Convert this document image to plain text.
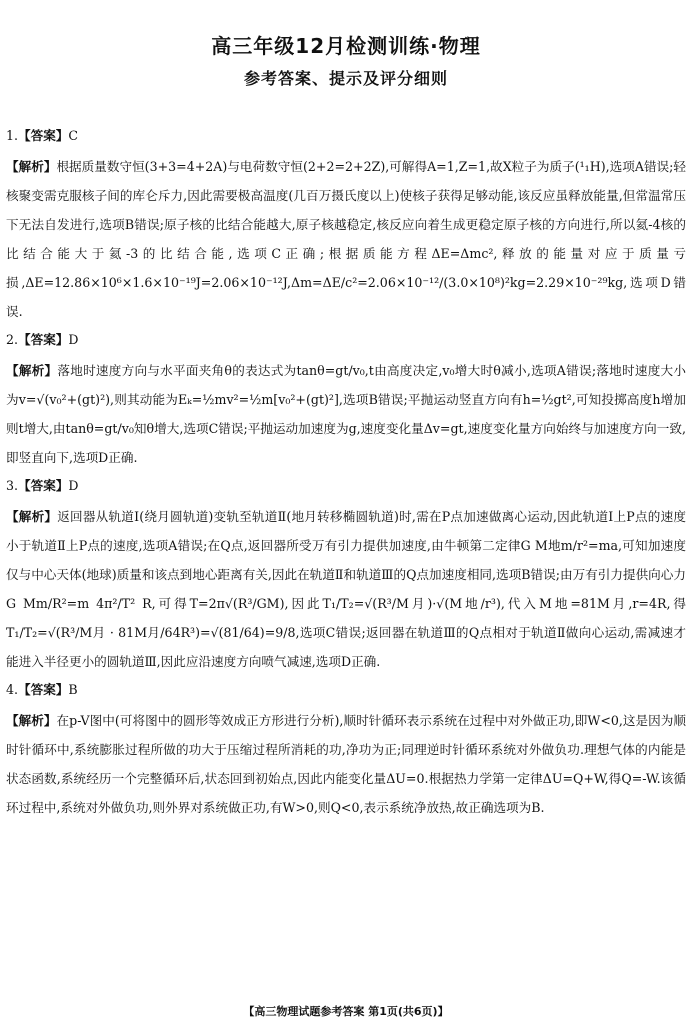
高三年级12月检测训练·物理
参考答案、提示及评分细则
1.【答案】C
【解析】根据质量数守恒(3+3=4+2A)与电荷数守恒(2+2=2+2Z),可解得A=1,Z=1,故X粒子为质子(¹₁H),选项A错误;轻核聚变需克服核子间的库仑斥力,因此需要极高温度(几百万摄氏度以上)使核子获得足够动能,该反应虽释放能量,但常温常压下无法自发进行,选项B错误;原子核的比结合能越大,原子核越稳定,核反应向着生成更稳定原子核的方向进行,所以氦-4核的比结合能大于氦-3的比结合能,选项C正确;根据质能方程ΔE=Δmc²,释放的能量对应于质量亏损,ΔE=12.86×10⁶×1.6×10⁻¹⁹J=2.06×10⁻¹²J,Δm=ΔE/c²=2.06×10⁻¹²/(3.0×10⁸)²kg=2.29×10⁻²⁹kg,选项D错误.
2.【答案】D
【解析】落地时速度方向与水平面夹角θ的表达式为tanθ=gt/v₀,t由高度决定,v₀增大时θ减小,选项A错误;落地时速度大小为v=√(v₀²+(gt)²),则其动能为Eₖ=½mv²=½m[v₀²+(gt)²],选项B错误;平抛运动竖直方向有h=½gt²,可知投掷高度h增加则t增大,由tanθ=gt/v₀知θ增大,选项C错误;平抛运动加速度为g,速度变化量Δv=gt,速度变化量方向始终与加速度方向一致,即竖直向下,选项D正确.
3.【答案】D
【解析】返回器从轨道Ⅰ(绕月圆轨道)变轨至轨道Ⅱ(地月转移椭圆轨道)时,需在P点加速做离心运动,因此轨道Ⅰ上P点的速度小于轨道Ⅱ上P点的速度,选项A错误;在Q点,返回器所受万有引力提供加速度,由牛顿第二定律G M地m/r²=ma,可知加速度仅与中心天体(地球)质量和该点到地心距离有关,因此在轨道Ⅱ和轨道Ⅲ的Q点加速度相同,选项B错误;由万有引力提供向心力G Mm/R²=m 4π²/T² R,可得T=2π√(R³/GM),因此T₁/T₂=√(R³/M月)·√(M地/r³),代入M地=81M月,r=4R,得T₁/T₂=√(R³/M月 · 81M月/64R³)=√(81/64)=9/8,选项C错误;返回器在轨道Ⅲ的Q点相对于轨道Ⅱ做向心运动,需减速才能进入半径更小的圆轨道Ⅲ,因此应沿速度方向喷气减速,选项D正确.
4.【答案】B
【解析】在p-V图中(可将图中的圆形等效成正方形进行分析),顺时针循环表示系统在过程中对外做正功,即W<0,这是因为顺时针循环中,系统膨胀过程所做的功大于压缩过程所消耗的功,净功为正;同理逆时针循环系统对外做负功.理想气体的内能是状态函数,系统经历一个完整循环后,状态回到初始点,因此内能变化量ΔU=0.根据热力学第一定律ΔU=Q+W,得Q=-W.该循环过程中,系统对外做负功,则外界对系统做正功,有W>0,则Q<0,表示系统净放热,故正确选项为B.
【高三物理试题参考答案 第1页(共6页)】
